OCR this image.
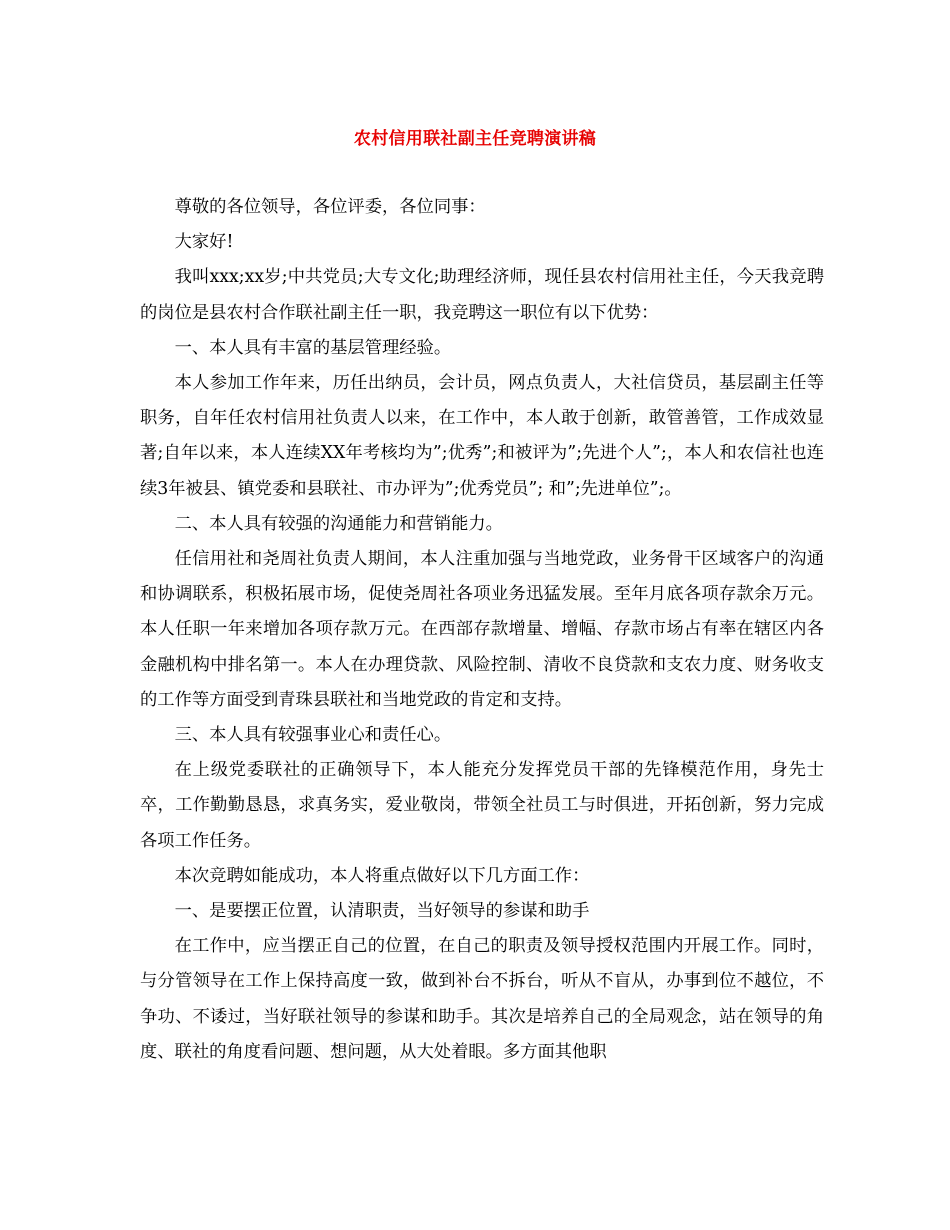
农村信用联社副主任竞聘演讲稿

尊敬的各位领导，各位评委，各位同事：

大家好!

我叫xxx;xx岁;中共党员;大专文化;助理经济师，现任县农村信用社主任，今天我竞聘的岗位是县农村合作联社副主任一职，我竞聘这一职位有以下优势：

一、本人具有丰富的基层管理经验。

本人参加工作年来，历任出纳员，会计员，网点负责人，大社信贷员，基层副主任等职务，自年任农村信用社负责人以来，在工作中，本人敢于创新，敢管善管，工作成效显著;自年以来，本人连续XX年考核均为”;优秀”;和被评为”;先进个人”;，本人和农信社也连续3年被县、镇党委和县联社、市办评为”;优秀党员”; 和”;先进单位”;。

二、本人具有较强的沟通能力和营销能力。

任信用社和尧周社负责人期间，本人注重加强与当地党政，业务骨干区域客户的沟通和协调联系，积极拓展市场，促使尧周社各项业务迅猛发展。至年月底各项存款余万元。本人任职一年来增加各项存款万元。在西部存款增量、增幅、存款市场占有率在辖区内各金融机构中排名第一。本人在办理贷款、风险控制、清收不良贷款和支农力度、财务收支的工作等方面受到青珠县联社和当地党政的肯定和支持。

三、本人具有较强事业心和责任心。

在上级党委联社的正确领导下，本人能充分发挥党员干部的先锋模范作用，身先士卒，工作勤勤恳恳，求真务实，爱业敬岗，带领全社员工与时俱进，开拓创新，努力完成各项工作任务。

本次竞聘如能成功，本人将重点做好以下几方面工作：

一、是要摆正位置，认清职责，当好领导的参谋和助手

在工作中，应当摆正自己的位置，在自己的职责及领导授权范围内开展工作。同时，与分管领导在工作上保持高度一致，做到补台不拆台，听从不盲从，办事到位不越位，不争功、不诿过，当好联社领导的参谋和助手。其次是培养自己的全局观念，站在领导的角度、联社的角度看问题、想问题，从大处着眼。多方面其他职
